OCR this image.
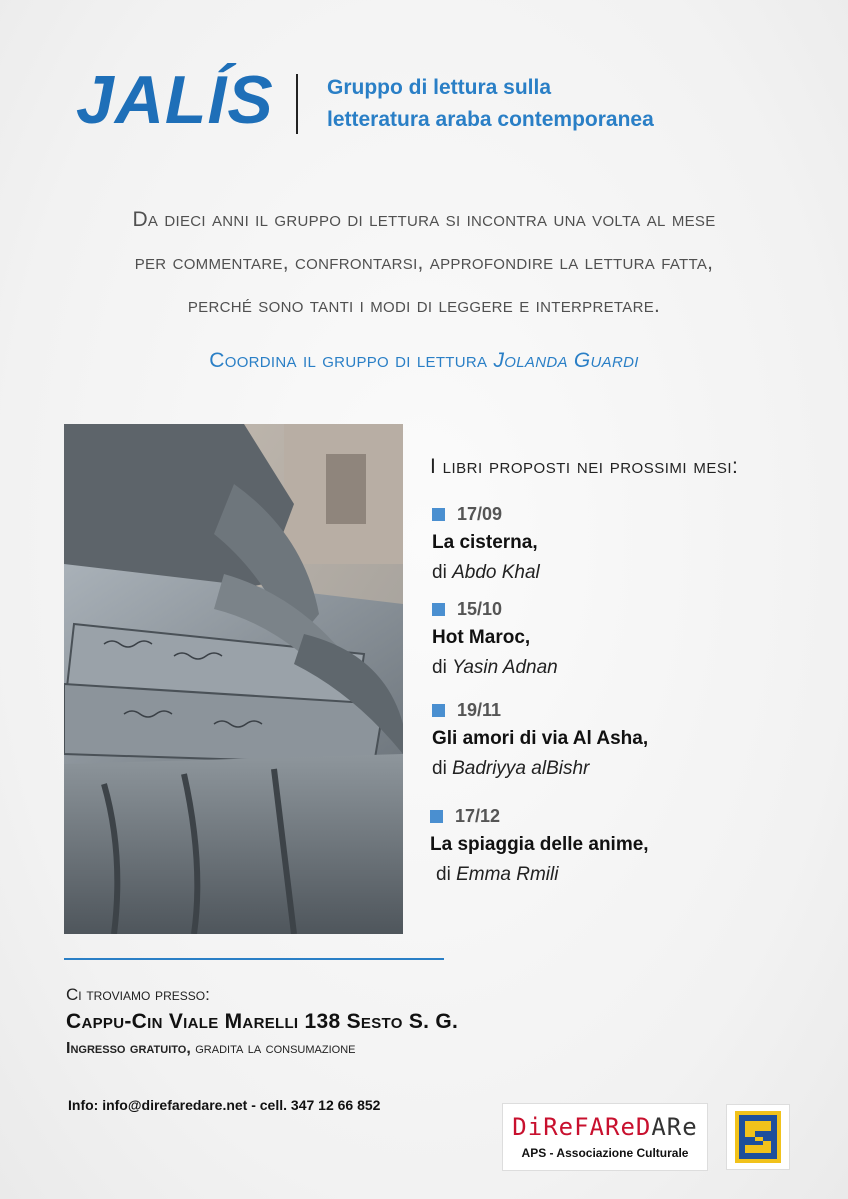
JALÍS	Gruppo di lettura sulla
letteratura araba contemporanea
Da dieci anni il gruppo di lettura si incontra una volta al mese
per commentare, confrontarsi, approfondire la lettura fatta,
perché sono tanti i modi di leggere e interpretare.
Coordina il gruppo di lettura Jolanda Guardi
I libri proposti nei prossimi mesi:
17/09
La cisterna,
di Abdo Khal
15/10
Hot Maroc,
di Yasin Adnan
19/11
Gli amori di via Al Asha,
di Badriyya alBishr
17/12
La spiaggia delle anime,
di Emma Rmili
Ci troviamo presso:
Cappu-Cin Viale Marelli 138 Sesto S. G.
Ingresso gratuito, gradita la consumazione
Info: info@direfaredare.net - cell. 347 12 66 852
DiReFAReDARe
APS - Associazione Culturale
